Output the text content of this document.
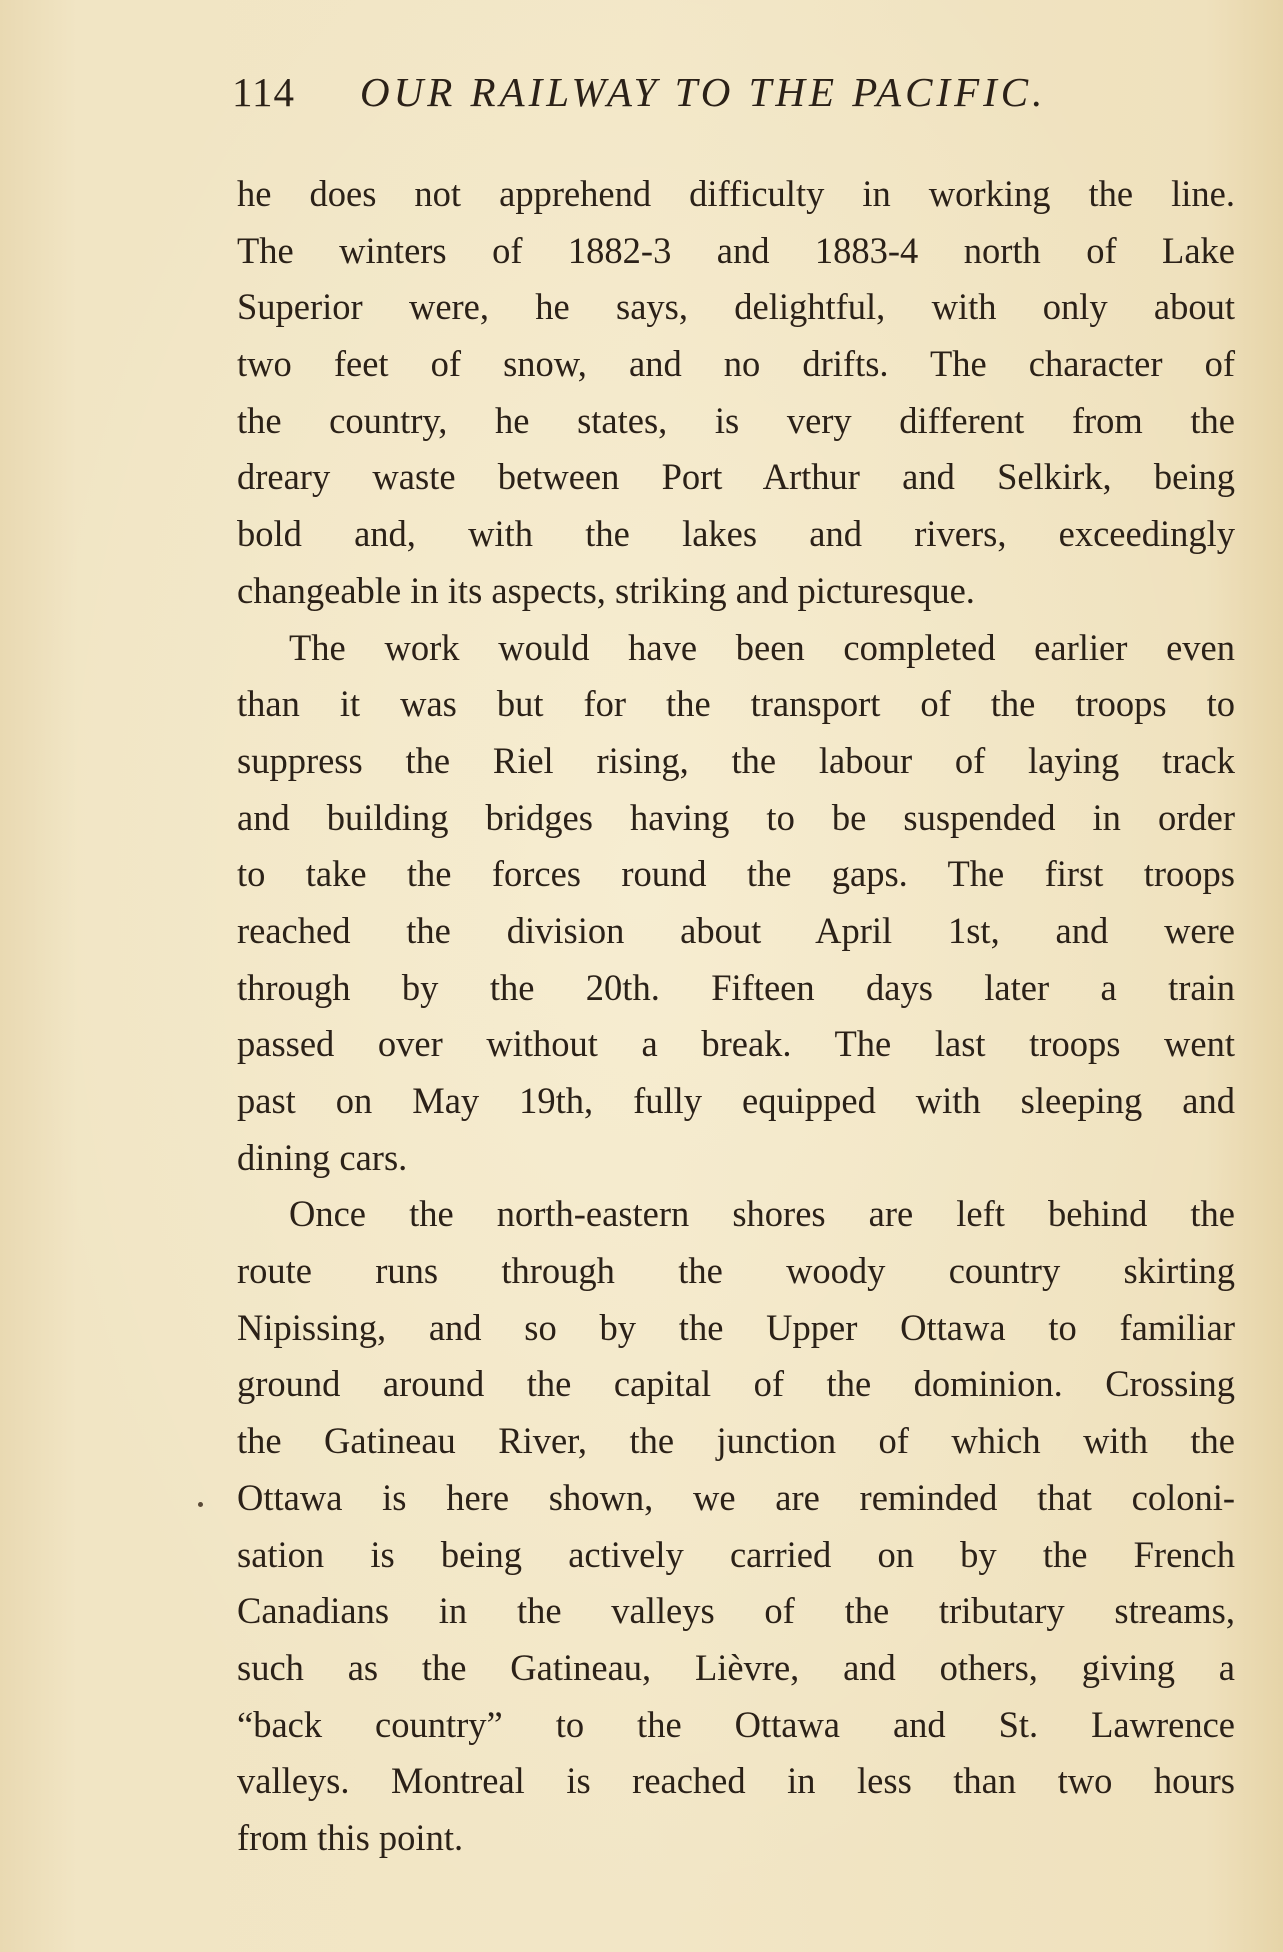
114 OUR RAILWAY TO THE PACIFIC.
he does not apprehend difficulty in working the line.
The winters of 1882-3 and 1883-4 north of Lake
Superior were, he says, delightful, with only about
two feet of snow, and no drifts. The character of
the country, he states, is very different from the
dreary waste between Port Arthur and Selkirk, being
bold and, with the lakes and rivers, exceedingly
changeable in its aspects, striking and picturesque.
The work would have been completed earlier even
than it was but for the transport of the troops to
suppress the Riel rising, the labour of laying track
and building bridges having to be suspended in order
to take the forces round the gaps. The first troops
reached the division about April 1st, and were
through by the 20th. Fifteen days later a train
passed over without a break. The last troops went
past on May 19th, fully equipped with sleeping and
dining cars.
Once the north-eastern shores are left behind the
route runs through the woody country skirting
Nipissing, and so by the Upper Ottawa to familiar
ground around the capital of the dominion. Crossing
the Gatineau River, the junction of which with the
Ottawa is here shown, we are reminded that coloni-
sation is being actively carried on by the French
Canadians in the valleys of the tributary streams,
such as the Gatineau, Lièvre, and others, giving a
“back country” to the Ottawa and St. Lawrence
valleys. Montreal is reached in less than two hours
from this point.
